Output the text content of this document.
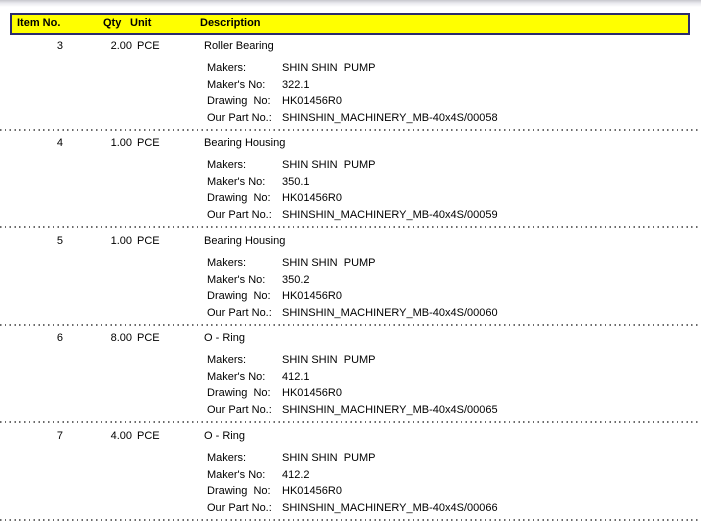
Item No.	Qty Unit	Description
3	2.00 PCE	Roller Bearing
Makers:	SHIN SHIN  PUMP
Maker's No: 322.1
Drawing  No: HK01456R0
Our Part No.: SHINSHIN_MACHINERY_MB-40x4S/00058
4	1.00 PCE	Bearing Housing
Makers:	SHIN SHIN  PUMP
Maker's No: 350.1
Drawing  No: HK01456R0
Our Part No.: SHINSHIN_MACHINERY_MB-40x4S/00059
5	1.00 PCE	Bearing Housing
Makers:	SHIN SHIN  PUMP
Maker's No: 350.2
Drawing  No: HK01456R0
Our Part No.: SHINSHIN_MACHINERY_MB-40x4S/00060
6	8.00 PCE	O - Ring
Makers:	SHIN SHIN  PUMP
Maker's No: 412.1
Drawing  No: HK01456R0
Our Part No.: SHINSHIN_MACHINERY_MB-40x4S/00065
7	4.00 PCE	O - Ring
Makers:	SHIN SHIN  PUMP
Maker's No: 412.2
Drawing  No: HK01456R0
Our Part No.: SHINSHIN_MACHINERY_MB-40x4S/00066
